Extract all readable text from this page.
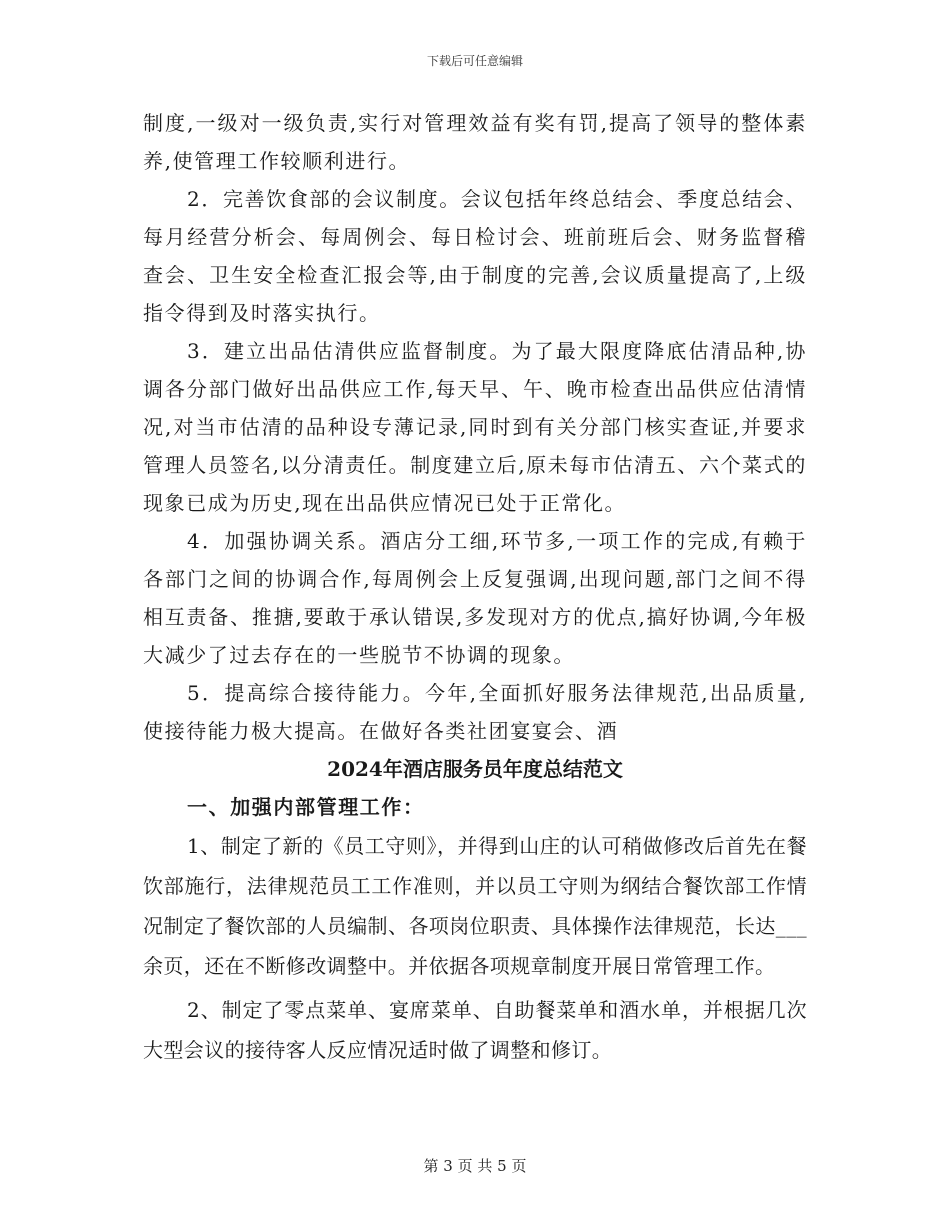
下载后可任意编辑

制度,一级对一级负责,实行对管理效益有奖有罚,提高了领导的整体素养,使管理工作较顺利进行。

2．完善饮食部的会议制度。会议包括年终总结会、季度总结会、每月经营分析会、每周例会、每日检讨会、班前班后会、财务监督稽查会、卫生安全检查汇报会等,由于制度的完善,会议质量提高了,上级指令得到及时落实执行。

3．建立出品估清供应监督制度。为了最大限度降底估清品种,协调各分部门做好出品供应工作,每天早、午、晚市检查出品供应估清情况,对当市估清的品种设专薄记录,同时到有关分部门核实查证,并要求管理人员签名,以分清责任。制度建立后,原未每市估清五、六个菜式的现象已成为历史,现在出品供应情况已处于正常化。

4．加强协调关系。酒店分工细,环节多,一项工作的完成,有赖于各部门之间的协调合作,每周例会上反复强调,出现问题,部门之间不得相互责备、推搪,要敢于承认错误,多发现对方的优点,搞好协调,今年极大减少了过去存在的一些脱节不协调的现象。

5．提高综合接待能力。今年,全面抓好服务法律规范,出品质量,使接待能力极大提高。在做好各类社团宴宴会、酒

2024年酒店服务员年度总结范文
一、加强内部管理工作：

1、制定了新的《员工守则》，并得到山庄的认可稍做修改后首先在餐饮部施行，法律规范员工工作准则，并以员工守则为纲结合餐饮部工作情况制定了餐饮部的人员编制、各项岗位职责、具体操作法律规范，长达___余页，还在不断修改调整中。并依据各项规章制度开展日常管理工作。

2、制定了零点菜单、宴席菜单、自助餐菜单和酒水单，并根据几次大型会议的接待客人反应情况适时做了调整和修订。

第 3 页 共 5 页
